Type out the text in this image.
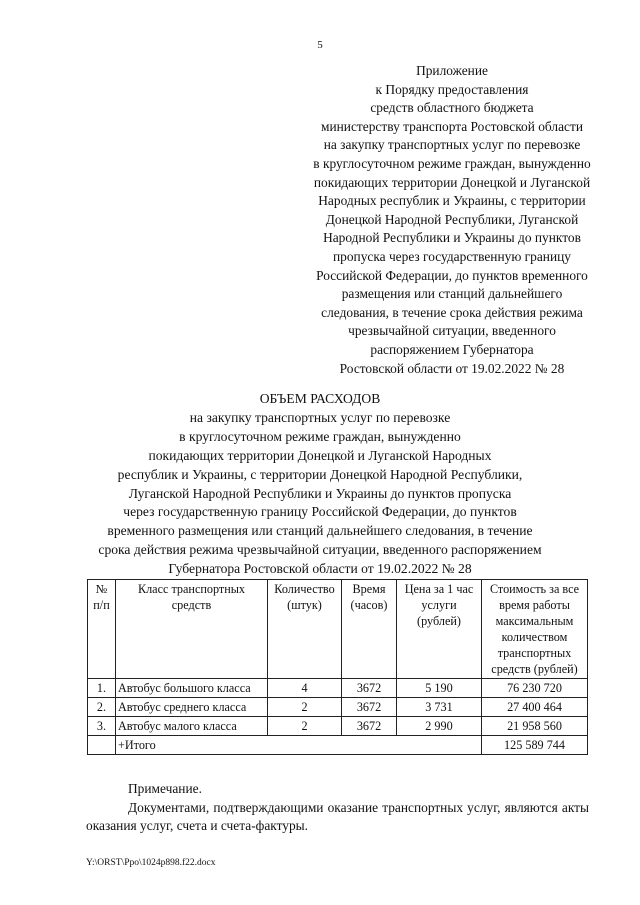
5
Приложение
к Порядку предоставления
средств областного бюджета
министерству транспорта Ростовской области
на закупку транспортных услуг по перевозке
в круглосуточном режиме граждан, вынужденно
покидающих территории Донецкой и Луганской
Народных республик и Украины, с территории
Донецкой Народной Республики, Луганской
Народной Республики и Украины до пунктов
пропуска через государственную границу
Российской Федерации, до пунктов временного
размещения или станций дальнейшего
следования, в течение срока действия режима
чрезвычайной ситуации, введенного
распоряжением Губернатора
Ростовской области от 19.02.2022 № 28
ОБЪЕМ РАСХОДОВ
на закупку транспортных услуг по перевозке
в круглосуточном режиме граждан, вынужденно
покидающих территории Донецкой и Луганской Народных
республик и Украины, с территории Донецкой Народной Республики,
Луганской Народной Республики и Украины до пунктов пропуска
через государственную границу Российской Федерации, до пунктов
временного размещения или станций дальнейшего следования, в течение
срока действия режима чрезвычайной ситуации, введенного распоряжением
Губернатора Ростовской области от 19.02.2022 № 28
№ п/п	Класс транспортных средств	Количество (штук)	Время (часов)	Цена за 1 час услуги (рублей)	Стоимость за все время работы максимальным количеством транспортных средств (рублей)
1.	Автобус большого класса	4	3672	5 190	76 230 720
2.	Автобус среднего класса	2	3672	3 731	27 400 464
3.	Автобус малого класса	2	3672	2 990	21 958 560
	+Итого				125 589 744
Примечание.
Документами, подтверждающими оказание транспортных услуг, являются акты оказания услуг, счета и счета-фактуры.
Y:\ORST\Ppo\1024p898.f22.docx
